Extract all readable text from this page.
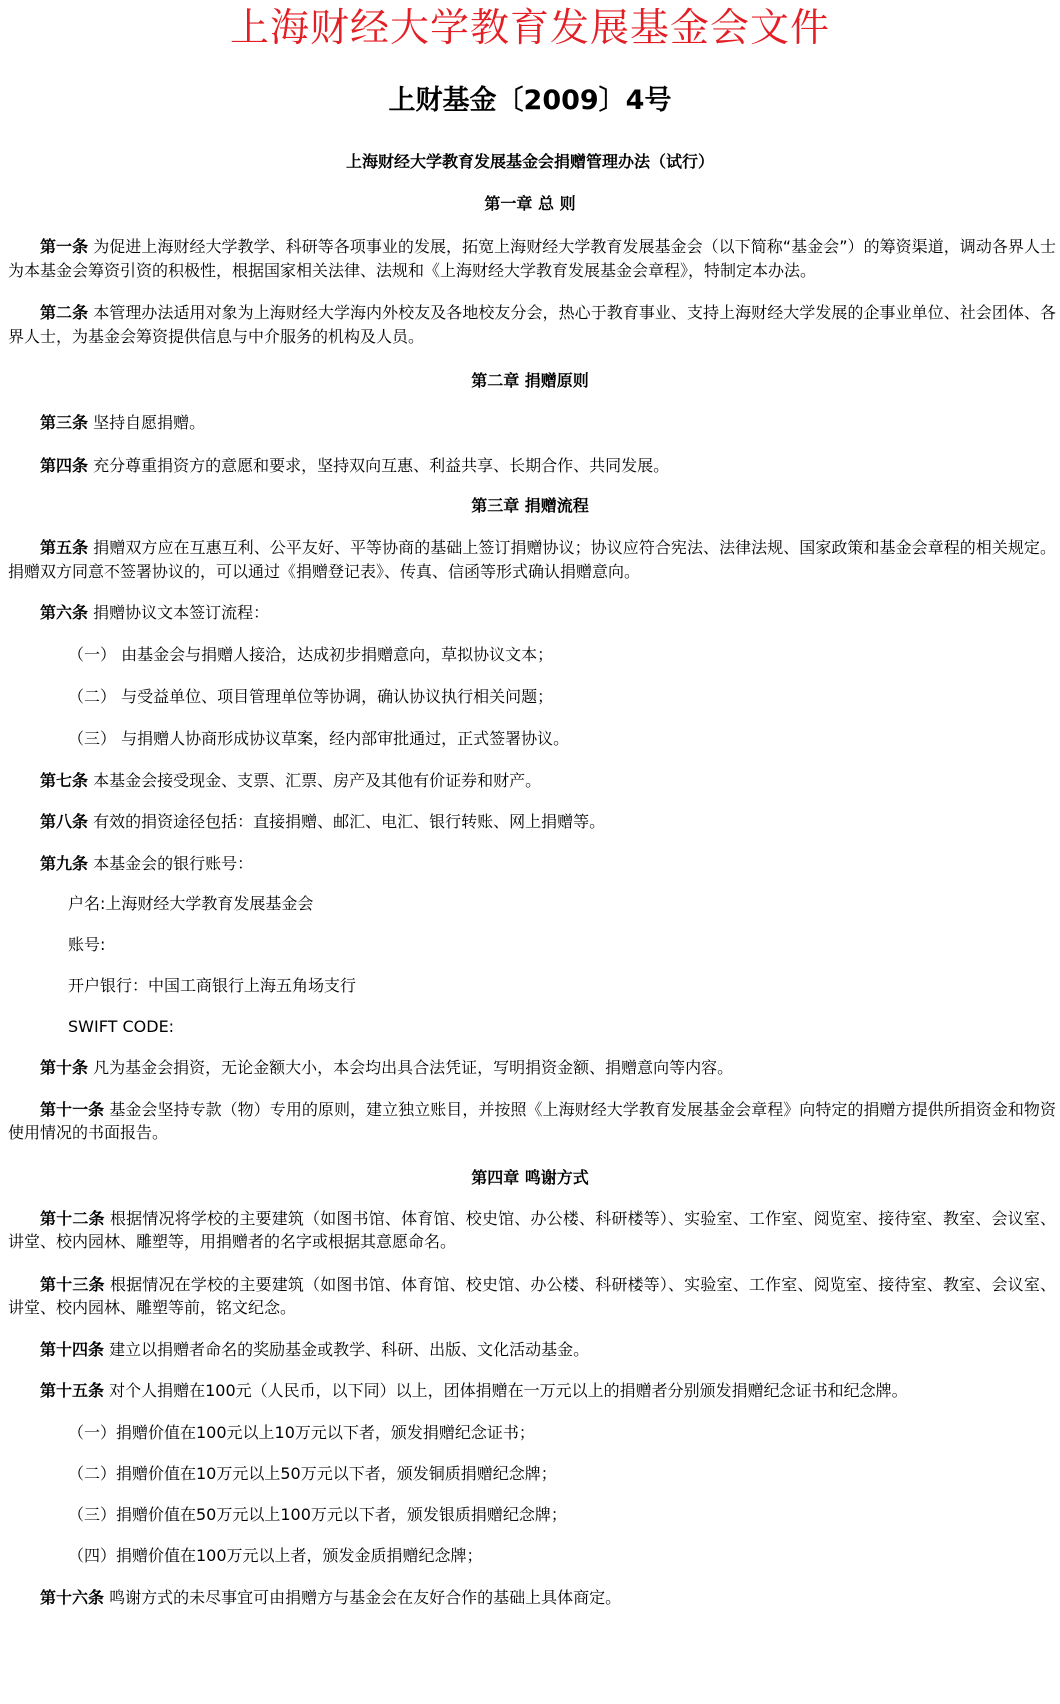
上海财经大学教育发展基金会文件
上财基金〔2009〕4号
上海财经大学教育发展基金会捐赠管理办法（试行）
第一章 总 则

第一条 为促进上海财经大学教学、科研等各项事业的发展，拓宽上海财经大学教育发展基金会（以下简称“基金会”）的筹资渠道，调动各界人士为本基金会筹资引资的积极性，根据国家相关法律、法规和《上海财经大学教育发展基金会章程》，特制定本办法。

第二条 本管理办法适用对象为上海财经大学海内外校友及各地校友分会，热心于教育事业、支持上海财经大学发展的企事业单位、社会团体、各界人士，为基金会筹资提供信息与中介服务的机构及人员。

第二章 捐赠原则

第三条 坚持自愿捐赠。

第四条 充分尊重捐资方的意愿和要求，坚持双向互惠、利益共享、长期合作、共同发展。

第三章 捐赠流程

第五条 捐赠双方应在互惠互利、公平友好、平等协商的基础上签订捐赠协议；协议应符合宪法、法律法规、国家政策和基金会章程的相关规定。捐赠双方同意不签署协议的，可以通过《捐赠登记表》、传真、信函等形式确认捐赠意向。

第六条 捐赠协议文本签订流程：

（一） 由基金会与捐赠人接洽，达成初步捐赠意向，草拟协议文本；

（二） 与受益单位、项目管理单位等协调，确认协议执行相关问题；

（三） 与捐赠人协商形成协议草案，经内部审批通过，正式签署协议。

第七条 本基金会接受现金、支票、汇票、房产及其他有价证券和财产。

第八条 有效的捐资途径包括：直接捐赠、邮汇、电汇、银行转账、网上捐赠等。

第九条 本基金会的银行账号：

户名:上海财经大学教育发展基金会

账号:

开户银行：中国工商银行上海五角场支行

SWIFT CODE:

第十条 凡为基金会捐资，无论金额大小，本会均出具合法凭证，写明捐资金额、捐赠意向等内容。

第十一条 基金会坚持专款（物）专用的原则，建立独立账目，并按照《上海财经大学教育发展基金会章程》向特定的捐赠方提供所捐资金和物资使用情况的书面报告。

第四章 鸣谢方式

第十二条 根据情况将学校的主要建筑（如图书馆、体育馆、校史馆、办公楼、科研楼等）、实验室、工作室、阅览室、接待室、教室、会议室、讲堂、校内园林、雕塑等，用捐赠者的名字或根据其意愿命名。

第十三条 根据情况在学校的主要建筑（如图书馆、体育馆、校史馆、办公楼、科研楼等）、实验室、工作室、阅览室、接待室、教室、会议室、讲堂、校内园林、雕塑等前，铭文纪念。

第十四条 建立以捐赠者命名的奖励基金或教学、科研、出版、文化活动基金。

第十五条 对个人捐赠在100元（人民币，以下同）以上，团体捐赠在一万元以上的捐赠者分别颁发捐赠纪念证书和纪念牌。

（一）捐赠价值在100元以上10万元以下者，颁发捐赠纪念证书；

（二）捐赠价值在10万元以上50万元以下者，颁发铜质捐赠纪念牌；

（三）捐赠价值在50万元以上100万元以下者，颁发银质捐赠纪念牌；

（四）捐赠价值在100万元以上者，颁发金质捐赠纪念牌；

第十六条 鸣谢方式的未尽事宜可由捐赠方与基金会在友好合作的基础上具体商定。
